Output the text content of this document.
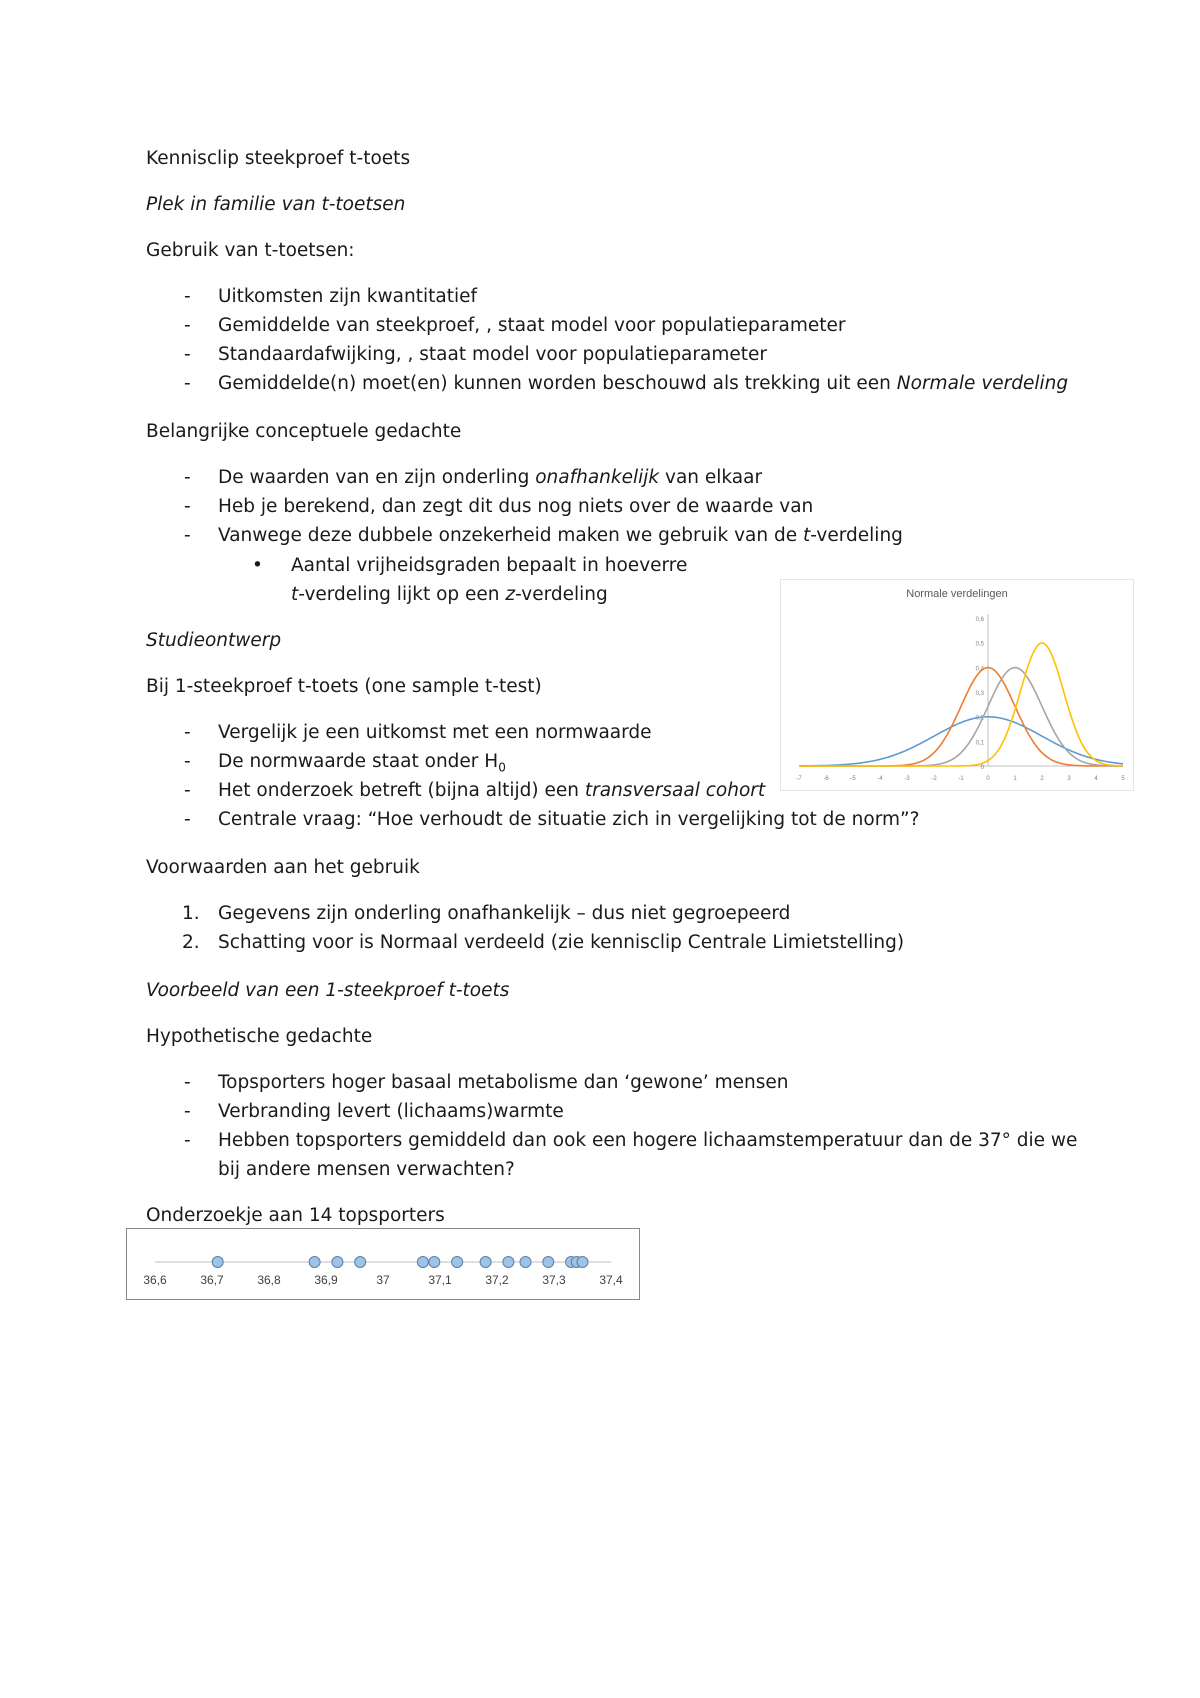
Kennisclip steekproef t-toets
Plek in familie van t-toetsen
Gebruik van t-toetsen:
- Uitkomsten zijn kwantitatief
- Gemiddelde van steekproef, , staat model voor populatieparameter
- Standaardafwijking, , staat model voor populatieparameter
- Gemiddelde(n) moet(en) kunnen worden beschouwd als trekking uit een Normale verdeling
Belangrijke conceptuele gedachte
- De waarden van en zijn onderling onafhankelijk van elkaar
- Heb je berekend, dan zegt dit dus nog niets over de waarde van
- Vanwege deze dubbele onzekerheid maken we gebruik van de t-verdeling
• Aantal vrijheidsgraden bepaalt in hoeverre
t-verdeling lijkt op een z-verdeling
Studieontwerp
Bij 1-steekproef t-toets (one sample t-test)
- Vergelijk je een uitkomst met een normwaarde
- De normwaarde staat onder $H_0$
- Het onderzoek betreft (bijna altijd) een transversaal cohort
- Centrale vraag: “Hoe verhoudt de situatie zich in vergelijking tot de norm”?
Voorwaarden aan het gebruik
1. Gegevens zijn onderling onafhankelijk – dus niet gegroepeerd
2. Schatting voor is Normaal verdeeld (zie kennisclip Centrale Limietstelling)
Voorbeeld van een 1-steekproef t-toets
Hypothetische gedachte
- Topsporters hoger basaal metabolisme dan ‘gewone’ mensen
- Verbranding levert (lichaams)warmte
- Hebben topsporters gemiddeld dan ook een hogere lichaamstemperatuur dan de 37° die we
bij andere mensen verwachten?
Onderzoekje aan 14 topsporters
Normale verdelingen
0
0,1
0,2
0,3
0,4
0,5
0,6
-7	-6	-5	-4	-3	-2	-1	0	1	2	3	4	5
36,6	36,7	36,8	36,9	37	37,1	37,2	37,3	37,4
